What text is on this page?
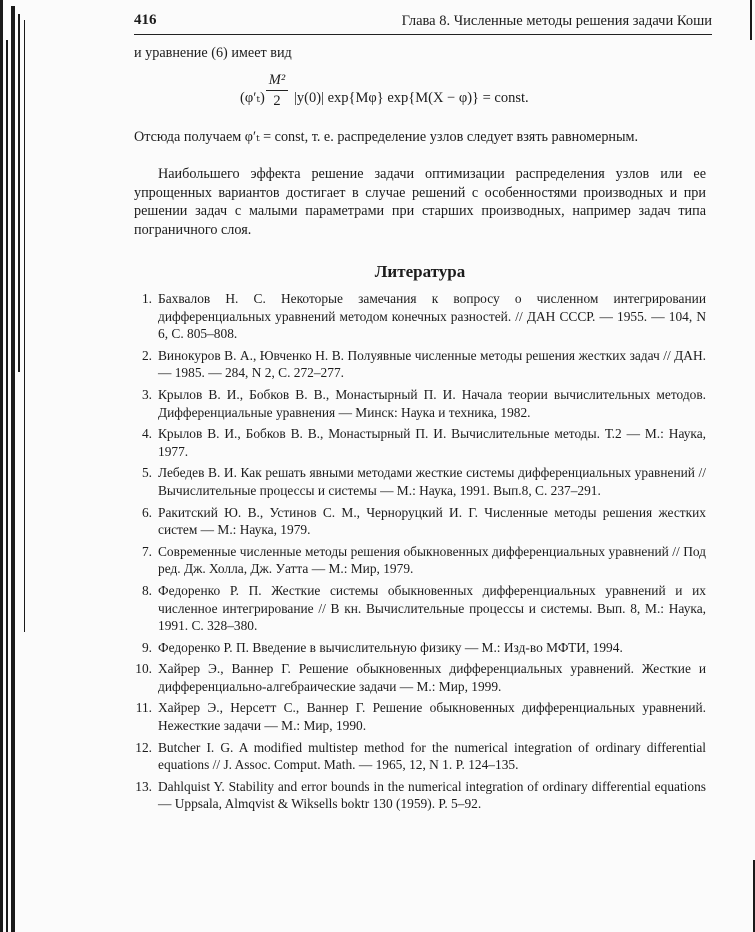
416	Глава 8. Численные методы решения задачи Коши
и уравнение (6) имеет вид
(φ′ₜ)
M²
2 |y(0)| exp{Mφ} exp{M(X − φ)} = const.
Отсюда получаем φ′ₜ = const, т. е. распределение узлов следует взять равномерным.
Наибольшего эффекта решение задачи оптимизации распределения узлов или ее упрощенных вариантов достигает в случае решений с особенностями производных и при решении задач с малыми параметрами при старших производных, например задач типа пограничного слоя.
Литература
1. Бахвалов Н. С. Некоторые замечания к вопросу о численном интегрировании дифференциальных уравнений методом конечных разностей. // ДАН СССР. — 1955. — 104, N 6, С. 805–808.
2. Винокуров В. А., Ювченко Н. В. Полуявные численные методы решения жестких задач // ДАН. — 1985. — 284, N 2, С. 272–277.
3. Крылов В. И., Бобков В. В., Монастырный П. И. Начала теории вычислительных методов. Дифференциальные уравнения — Минск: Наука и техника, 1982.
4. Крылов В. И., Бобков В. В., Монастырный П. И. Вычислительные методы. Т.2 — М.: Наука, 1977.
5. Лебедев В. И. Как решать явными методами жесткие системы дифференциальных уравнений // Вычислительные процессы и системы — М.: Наука, 1991. Вып.8, С. 237–291.
6. Ракитский Ю. В., Устинов С. М., Черноруцкий И. Г. Численные методы решения жестких систем — М.: Наука, 1979.
7. Современные численные методы решения обыкновенных дифференциальных уравнений // Под ред. Дж. Холла, Дж. Уатта — М.: Мир, 1979.
8. Федоренко Р. П. Жесткие системы обыкновенных дифференциальных уравнений и их численное интегрирование // В кн. Вычислительные процессы и системы. Вып. 8, М.: Наука, 1991. С. 328–380.
9. Федоренко Р. П. Введение в вычислительную физику — М.: Изд-во МФТИ, 1994.
10. Хайрер Э., Ваннер Г. Решение обыкновенных дифференциальных уравнений. Жесткие и дифференциально-алгебраические задачи — М.: Мир, 1999.
11. Хайрер Э., Нерсетт С., Ваннер Г. Решение обыкновенных дифференциальных уравнений. Нежесткие задачи — М.: Мир, 1990.
12. Butcher I. G. A modified multistep method for the numerical integration of ordinary differential equations // J. Assoc. Comput. Math. — 1965, 12, N 1. P. 124–135.
13. Dahlquist Y. Stability and error bounds in the numerical integration of ordinary differential equations — Uppsala, Almqvist & Wiksells boktr 130 (1959). P. 5–92.
